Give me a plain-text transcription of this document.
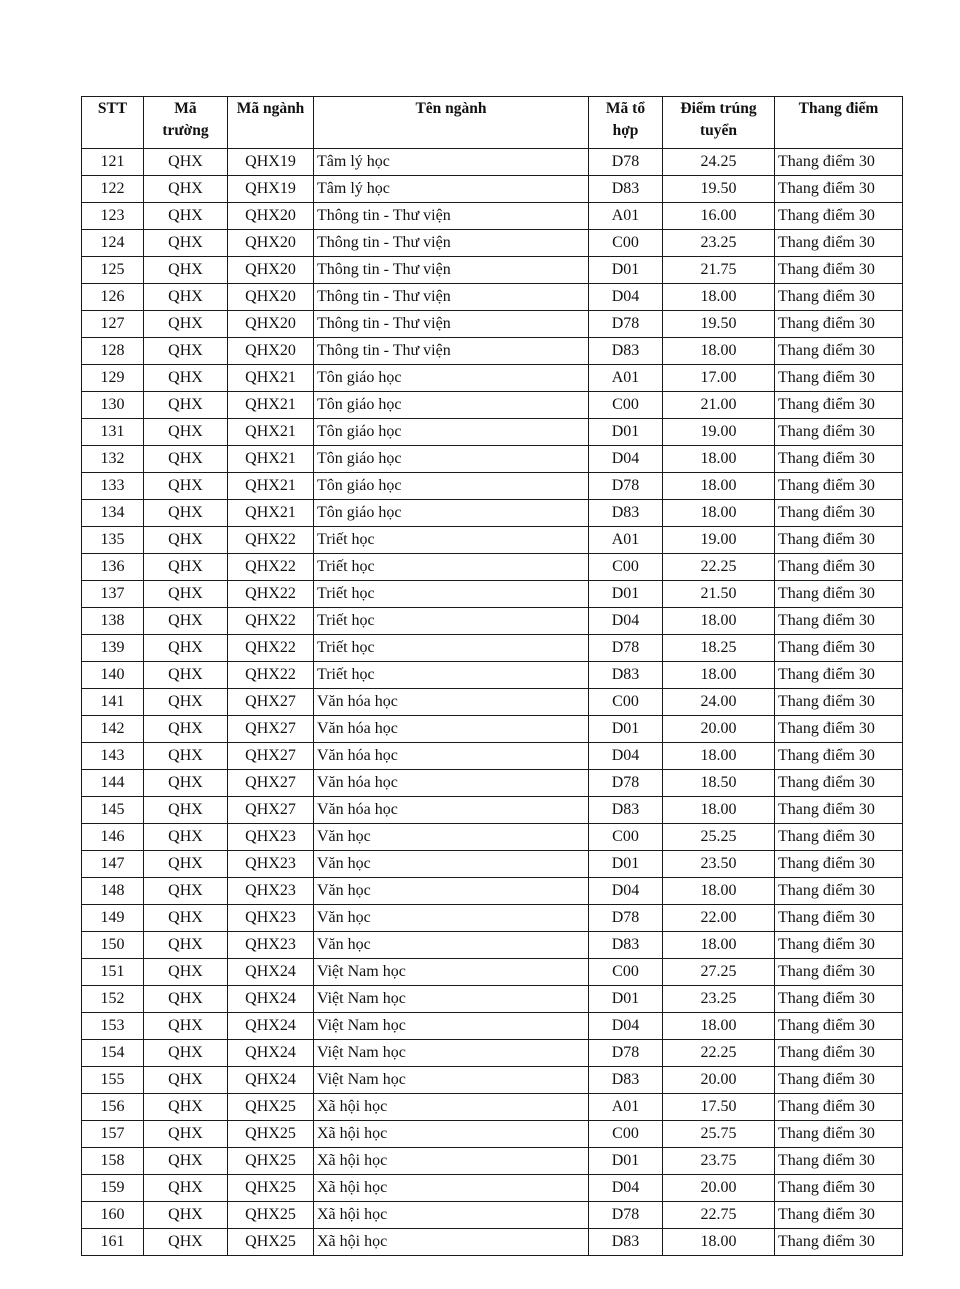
STT	Mã trường	Mã ngành	Tên ngành	Mã tổ hợp	Điểm trúng tuyển	Thang điểm
121	QHX	QHX19	Tâm lý học	D78	24.25	Thang điểm 30
122	QHX	QHX19	Tâm lý học	D83	19.50	Thang điểm 30
123	QHX	QHX20	Thông tin - Thư viện	A01	16.00	Thang điểm 30
124	QHX	QHX20	Thông tin - Thư viện	C00	23.25	Thang điểm 30
125	QHX	QHX20	Thông tin - Thư viện	D01	21.75	Thang điểm 30
126	QHX	QHX20	Thông tin - Thư viện	D04	18.00	Thang điểm 30
127	QHX	QHX20	Thông tin - Thư viện	D78	19.50	Thang điểm 30
128	QHX	QHX20	Thông tin - Thư viện	D83	18.00	Thang điểm 30
129	QHX	QHX21	Tôn giáo học	A01	17.00	Thang điểm 30
130	QHX	QHX21	Tôn giáo học	C00	21.00	Thang điểm 30
131	QHX	QHX21	Tôn giáo học	D01	19.00	Thang điểm 30
132	QHX	QHX21	Tôn giáo học	D04	18.00	Thang điểm 30
133	QHX	QHX21	Tôn giáo học	D78	18.00	Thang điểm 30
134	QHX	QHX21	Tôn giáo học	D83	18.00	Thang điểm 30
135	QHX	QHX22	Triết học	A01	19.00	Thang điểm 30
136	QHX	QHX22	Triết học	C00	22.25	Thang điểm 30
137	QHX	QHX22	Triết học	D01	21.50	Thang điểm 30
138	QHX	QHX22	Triết học	D04	18.00	Thang điểm 30
139	QHX	QHX22	Triết học	D78	18.25	Thang điểm 30
140	QHX	QHX22	Triết học	D83	18.00	Thang điểm 30
141	QHX	QHX27	Văn hóa học	C00	24.00	Thang điểm 30
142	QHX	QHX27	Văn hóa học	D01	20.00	Thang điểm 30
143	QHX	QHX27	Văn hóa học	D04	18.00	Thang điểm 30
144	QHX	QHX27	Văn hóa học	D78	18.50	Thang điểm 30
145	QHX	QHX27	Văn hóa học	D83	18.00	Thang điểm 30
146	QHX	QHX23	Văn học	C00	25.25	Thang điểm 30
147	QHX	QHX23	Văn học	D01	23.50	Thang điểm 30
148	QHX	QHX23	Văn học	D04	18.00	Thang điểm 30
149	QHX	QHX23	Văn học	D78	22.00	Thang điểm 30
150	QHX	QHX23	Văn học	D83	18.00	Thang điểm 30
151	QHX	QHX24	Việt Nam học	C00	27.25	Thang điểm 30
152	QHX	QHX24	Việt Nam học	D01	23.25	Thang điểm 30
153	QHX	QHX24	Việt Nam học	D04	18.00	Thang điểm 30
154	QHX	QHX24	Việt Nam học	D78	22.25	Thang điểm 30
155	QHX	QHX24	Việt Nam học	D83	20.00	Thang điểm 30
156	QHX	QHX25	Xã hội học	A01	17.50	Thang điểm 30
157	QHX	QHX25	Xã hội học	C00	25.75	Thang điểm 30
158	QHX	QHX25	Xã hội học	D01	23.75	Thang điểm 30
159	QHX	QHX25	Xã hội học	D04	20.00	Thang điểm 30
160	QHX	QHX25	Xã hội học	D78	22.75	Thang điểm 30
161	QHX	QHX25	Xã hội học	D83	18.00	Thang điểm 30
